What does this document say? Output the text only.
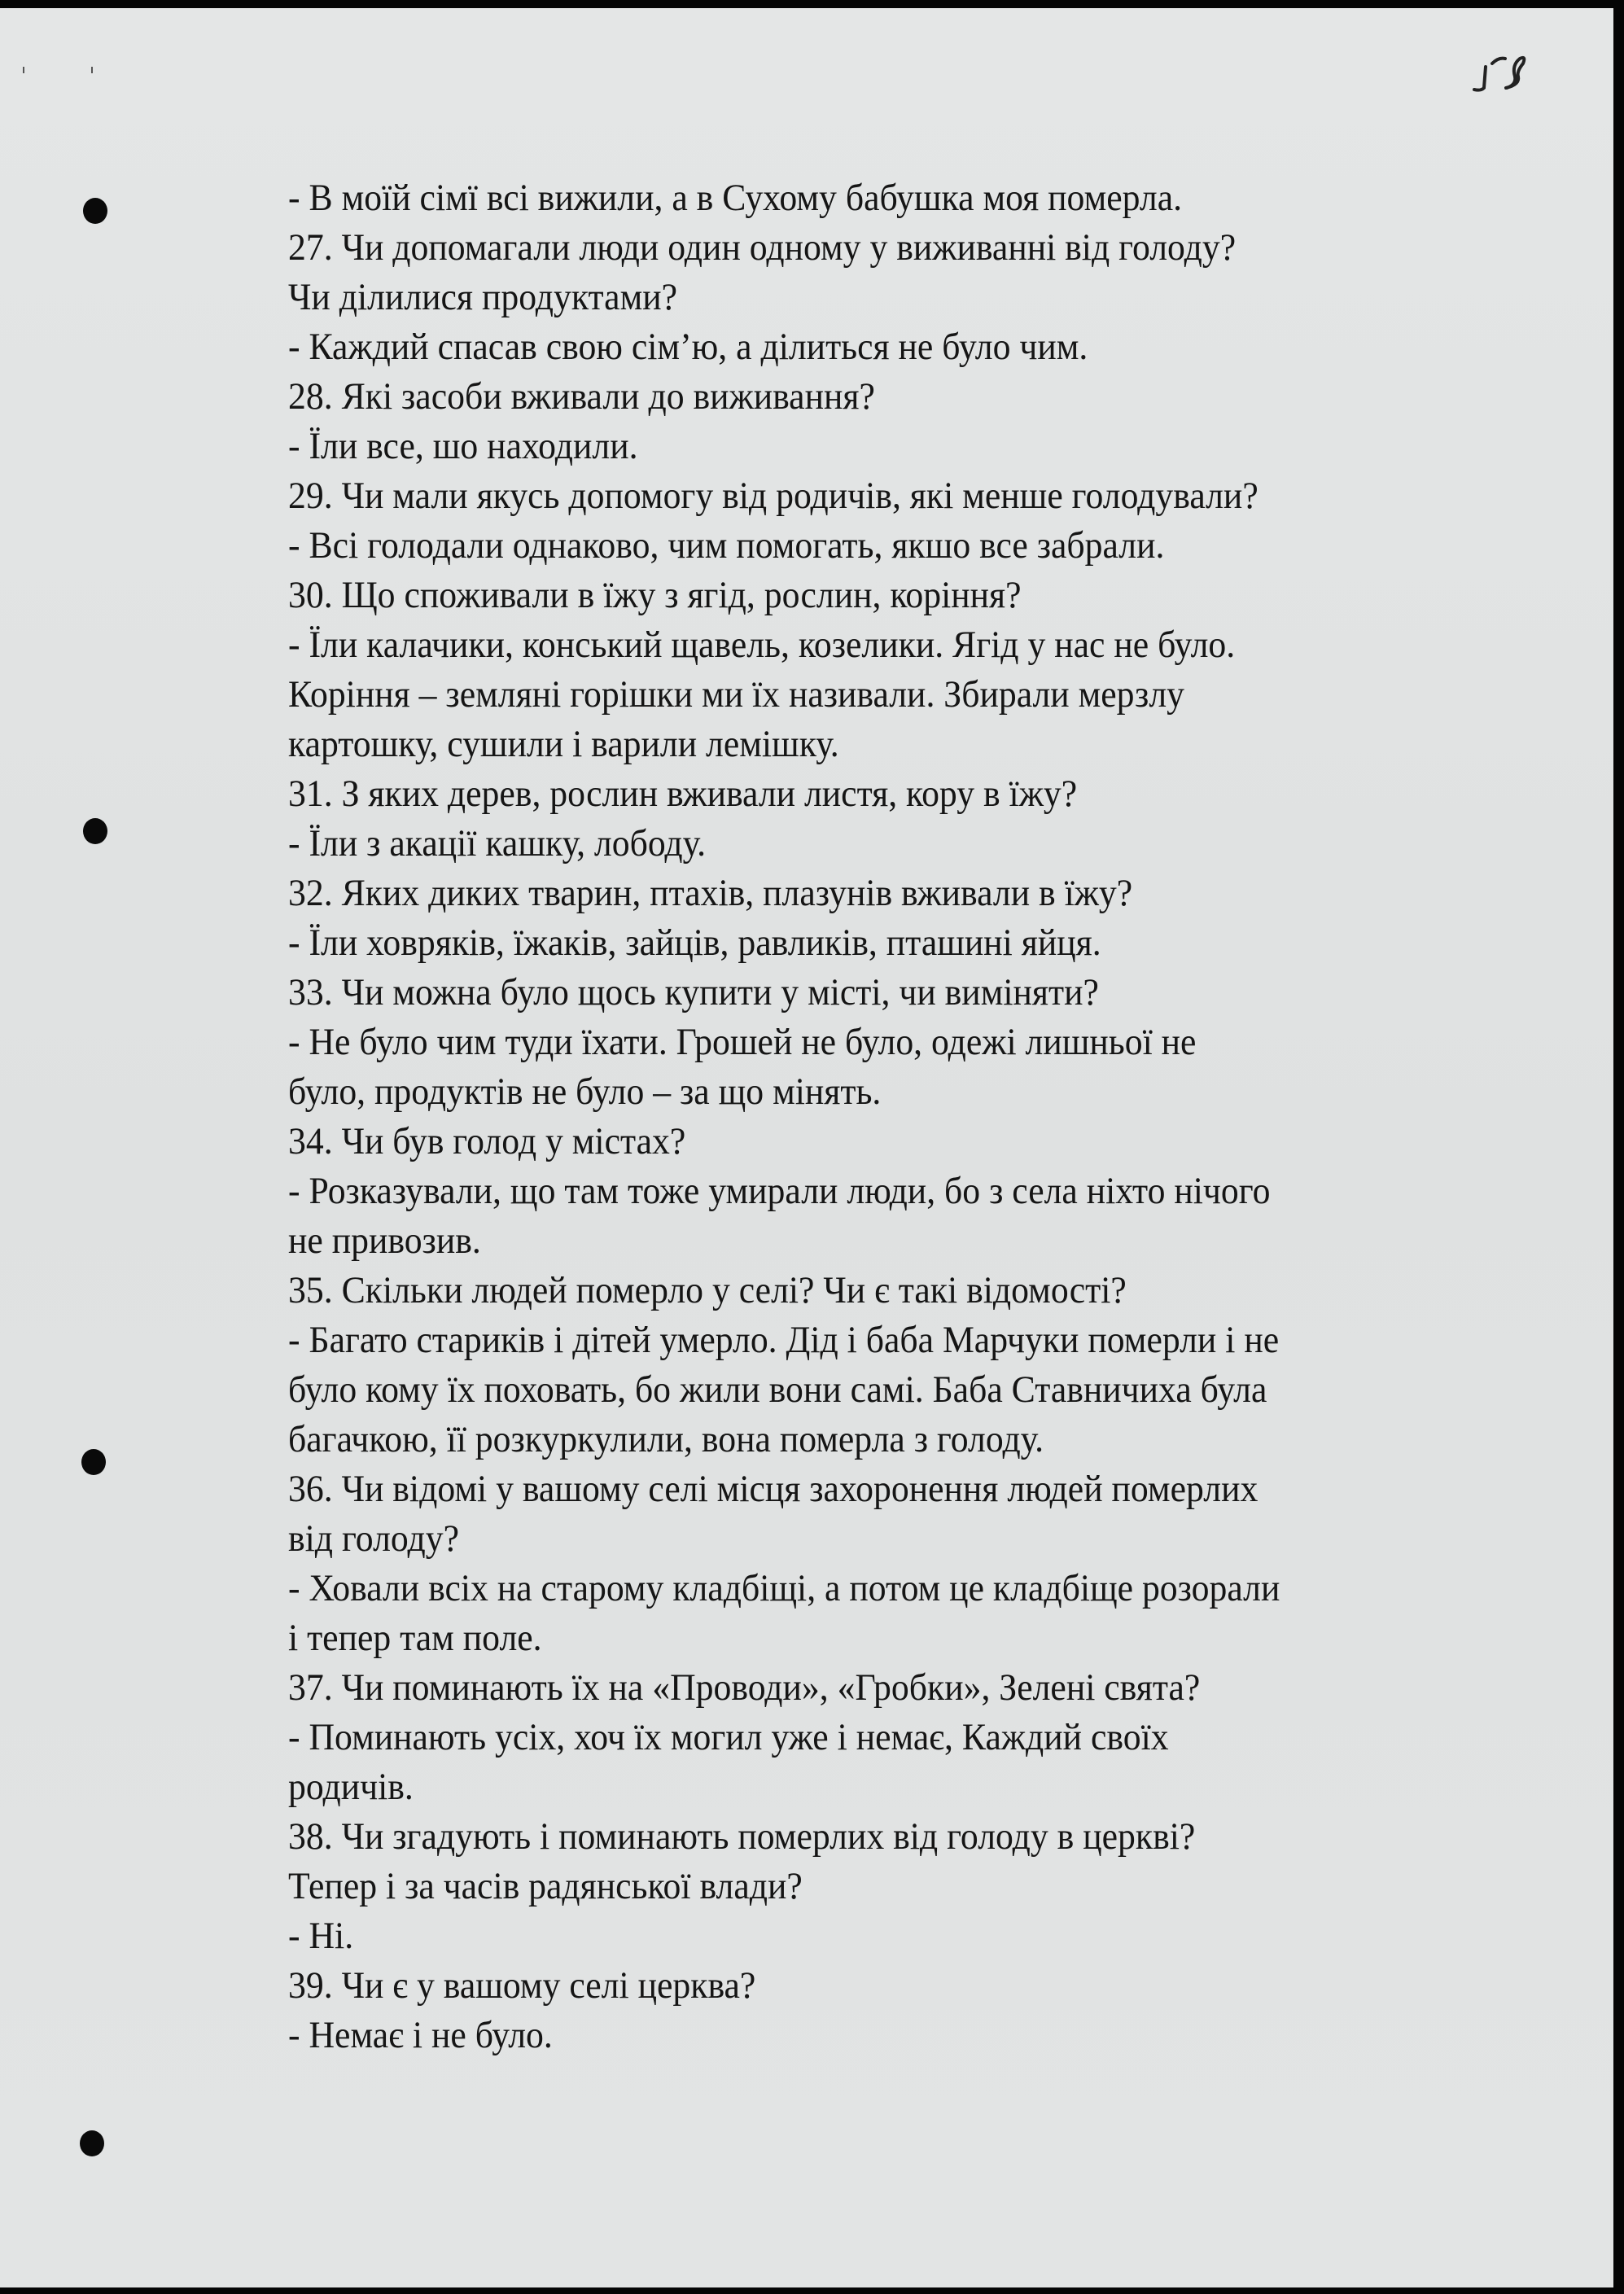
- В моїй сімї всі вижили, а в Сухому бабушка моя померла.
27. Чи допомагали люди один одному у виживанні від голоду?
Чи ділилися продуктами?
- Каждий спасав свою сім’ю, а ділиться не було чим.
28. Які засоби вживали до виживання?
- Їли все, шо находили.
29. Чи мали якусь допомогу від родичів, які менше голодували?
- Всі голодали однаково, чим помогать, якшо все забрали.
30. Що споживали в їжу з ягід, рослин, коріння?
- Їли калачики, конський щавель, козелики. Ягід у нас не було.
Коріння – земляні горішки ми їх називали. Збирали мерзлу
картошку, сушили і варили лемішку.
31. З яких дерев, рослин вживали листя, кору в їжу?
- Їли з акації кашку, лободу.
32. Яких диких тварин, птахів, плазунів вживали в їжу?
- Їли ховряків, їжаків, зайців, равликів, пташині яйця.
33. Чи можна було щось купити у місті, чи виміняти?
- Не було чим туди їхати. Грошей не було, одежі лишньої не
було, продуктів не було – за що мінять.
34. Чи був голод у містах?
- Розказували, що там тоже умирали люди, бо з села ніхто нічого
не привозив.
35. Скільки людей померло у селі? Чи є такі відомості?
- Багато стариків і дітей умерло. Дід і баба Марчуки померли і не
було кому їх поховать, бо жили вони самі. Баба Ставничиха була
багачкою, її розкуркулили, вона померла з голоду.
36. Чи відомі у вашому селі місця захоронення людей померлих
від голоду?
- Ховали всіх на старому кладбіщі, а потом це кладбіще розорали
і тепер там поле.
37. Чи поминають їх на «Проводи», «Гробки», Зелені свята?
- Поминають усіх, хоч їх могил уже і немає, Каждий своїх
родичів.
38. Чи згадують і поминають померлих від голоду в церкві?
Тепер і за часів радянської влади?
- Ні.
39. Чи є у вашому селі церква?
- Немає і не було.
